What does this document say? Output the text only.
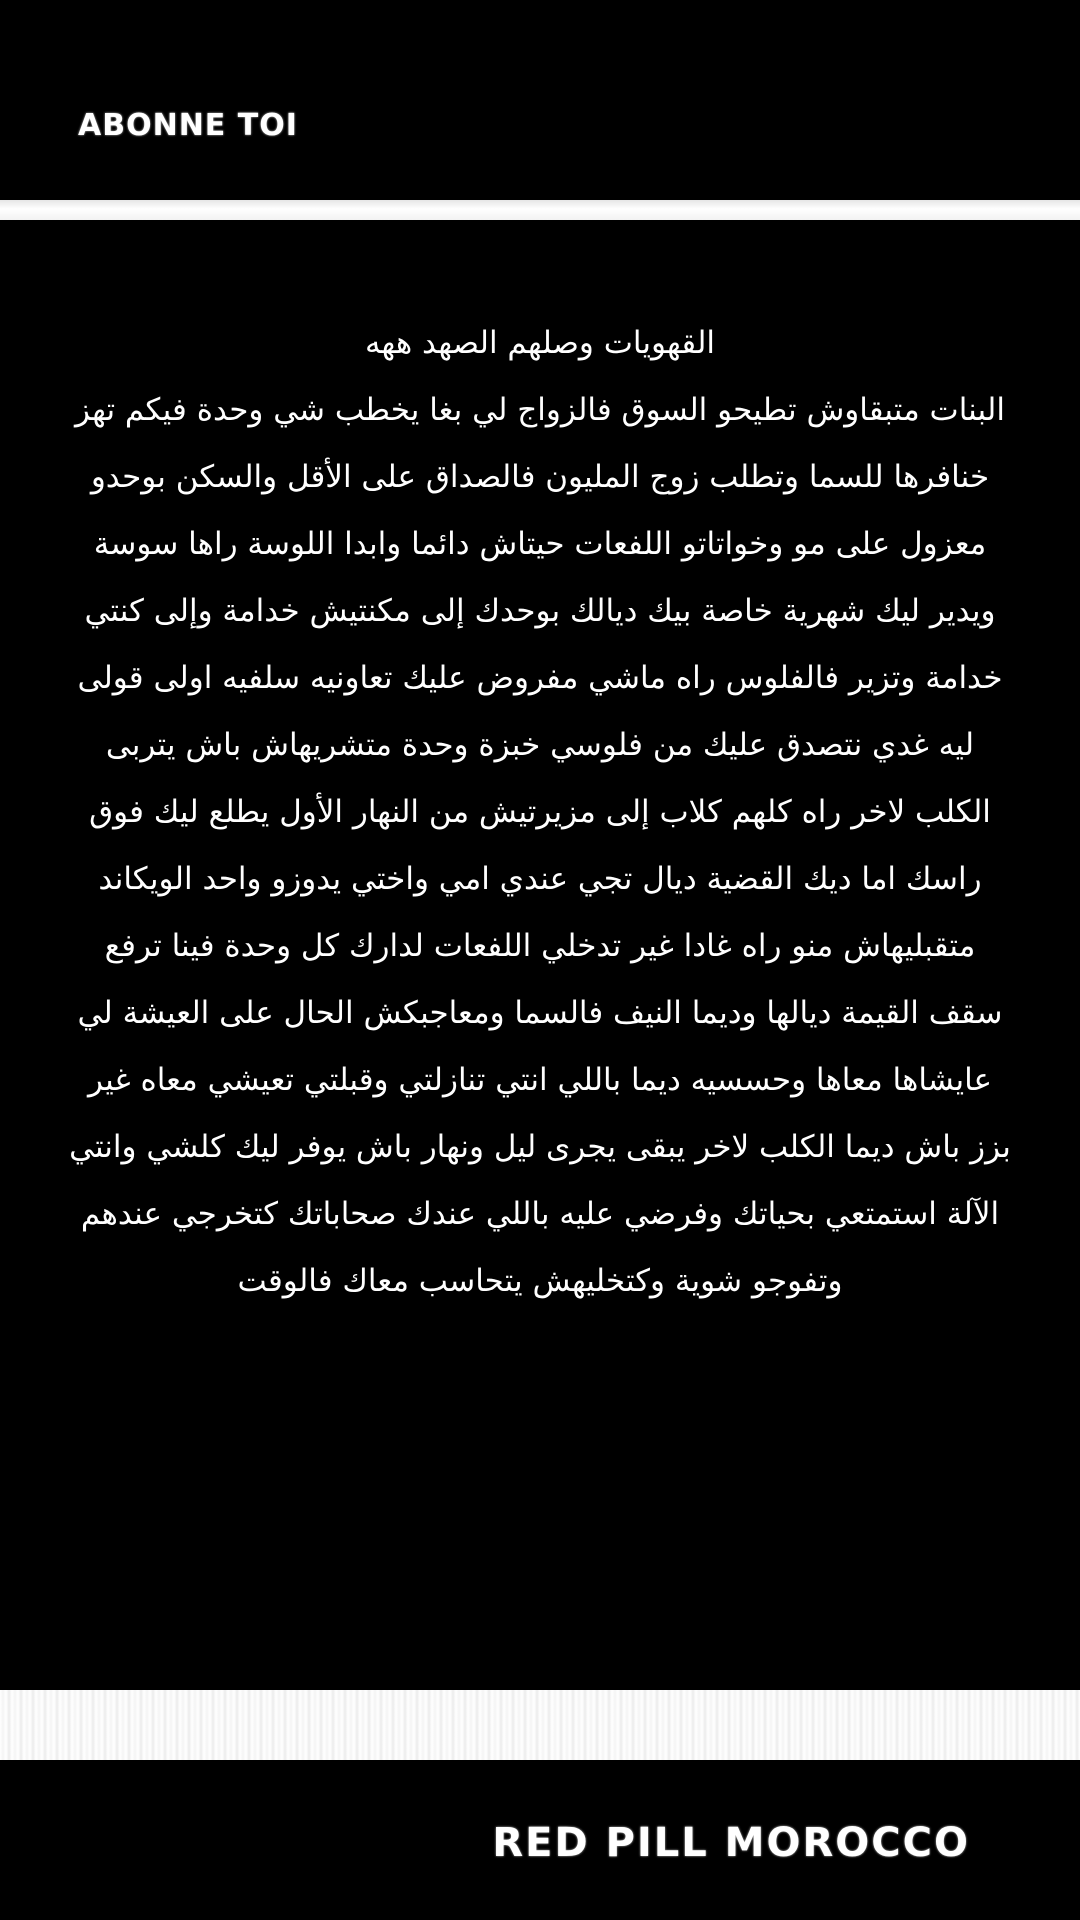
ABONNE TOI
القهويات وصلهم الصهد ههه
البنات متبقاوش تطيحو السوق فالزواج لي بغا يخطب شي وحدة فيكم تهز
خنافرها للسما وتطلب زوج المليون فالصداق على الأقل والسكن بوحدو
معزول على مو وخواتاتو اللفعات حيتاش دائما وابدا اللوسة راها سوسة
ويدير ليك شهرية خاصة بيك ديالك بوحدك إلى مكنتيش خدامة وإلى كنتي
خدامة وتزير فالفلوس راه ماشي مفروض عليك تعاونيه سلفيه اولى قولى
ليه غدي نتصدق عليك من فلوسي خبزة وحدة متشريهاش باش يتربى
الكلب لاخر راه كلهم كلاب إلى مزيرتيش من النهار الأول يطلع ليك فوق
راسك اما ديك القضية ديال تجي عندي امي واختي يدوزو واحد الويكاند
متقبليهاش منو راه غادا غير تدخلي اللفعات لدارك كل وحدة فينا ترفع
سقف القيمة ديالها وديما النيف فالسما ومعاجبكش الحال على العيشة لي
عايشاها معاها وحسسيه ديما باللي انتي تنازلتي وقبلتي تعيشي معاه غير
بزز باش ديما الكلب لاخر يبقى يجرى ليل ونهار باش يوفر ليك كلشي وانتي
الآلة استمتعي بحياتك وفرضي عليه باللي عندك صحاباتك كتخرجي عندهم
وتفوجو شوية وكتخليهش يتحاسب معاك فالوقت
RED PILL MOROCCO
